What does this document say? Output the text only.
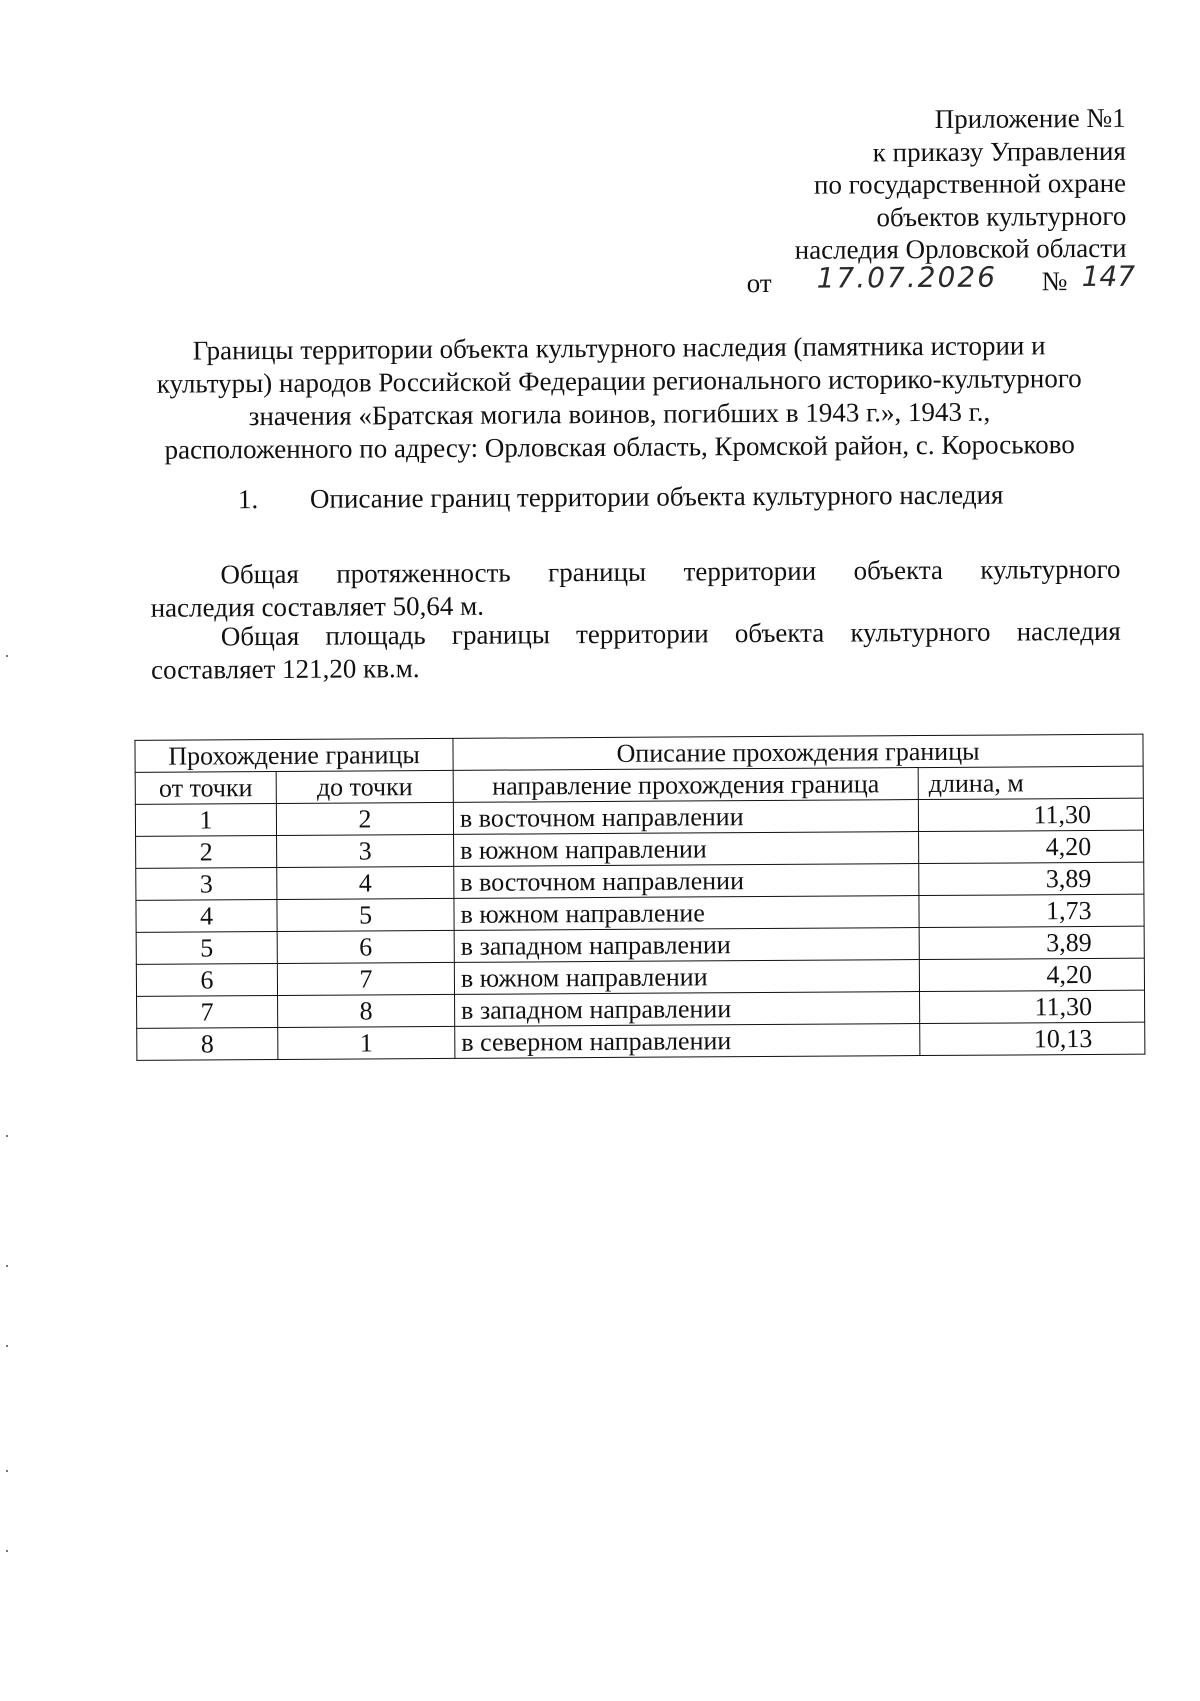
Приложение №1
к приказу Управления
по государственной охране
объектов культурного
наследия Орловской области
от 17.07.2026 № 147
Границы территории объекта культурного наследия (памятника истории и
культуры) народов Российской Федерации регионального историко-культурного
значения «Братская могила воинов, погибших в 1943 г.», 1943 г.,
расположенного по адресу: Орловская область, Кромской район, с. Короськово
1. Описание границ территории объекта культурного наследия
Общая протяженность границы территории объекта культурного
наследия составляет 50,64 м.
Общая площадь границы территории объекта культурного наследия
составляет 121,20 кв.м.
Прохождение границы		Описание прохождения границы	
от точки	до точки	направление прохождения граница	длина, м
1	2	в восточном направлении	11,30
2	3	в южном направлении	4,20
3	4	в восточном направлении	3,89
4	5	в южном направление	1,73
5	6	в западном направлении	3,89
6	7	в южном направлении	4,20
7	8	в западном направлении	11,30
8	1	в северном направлении	10,13
